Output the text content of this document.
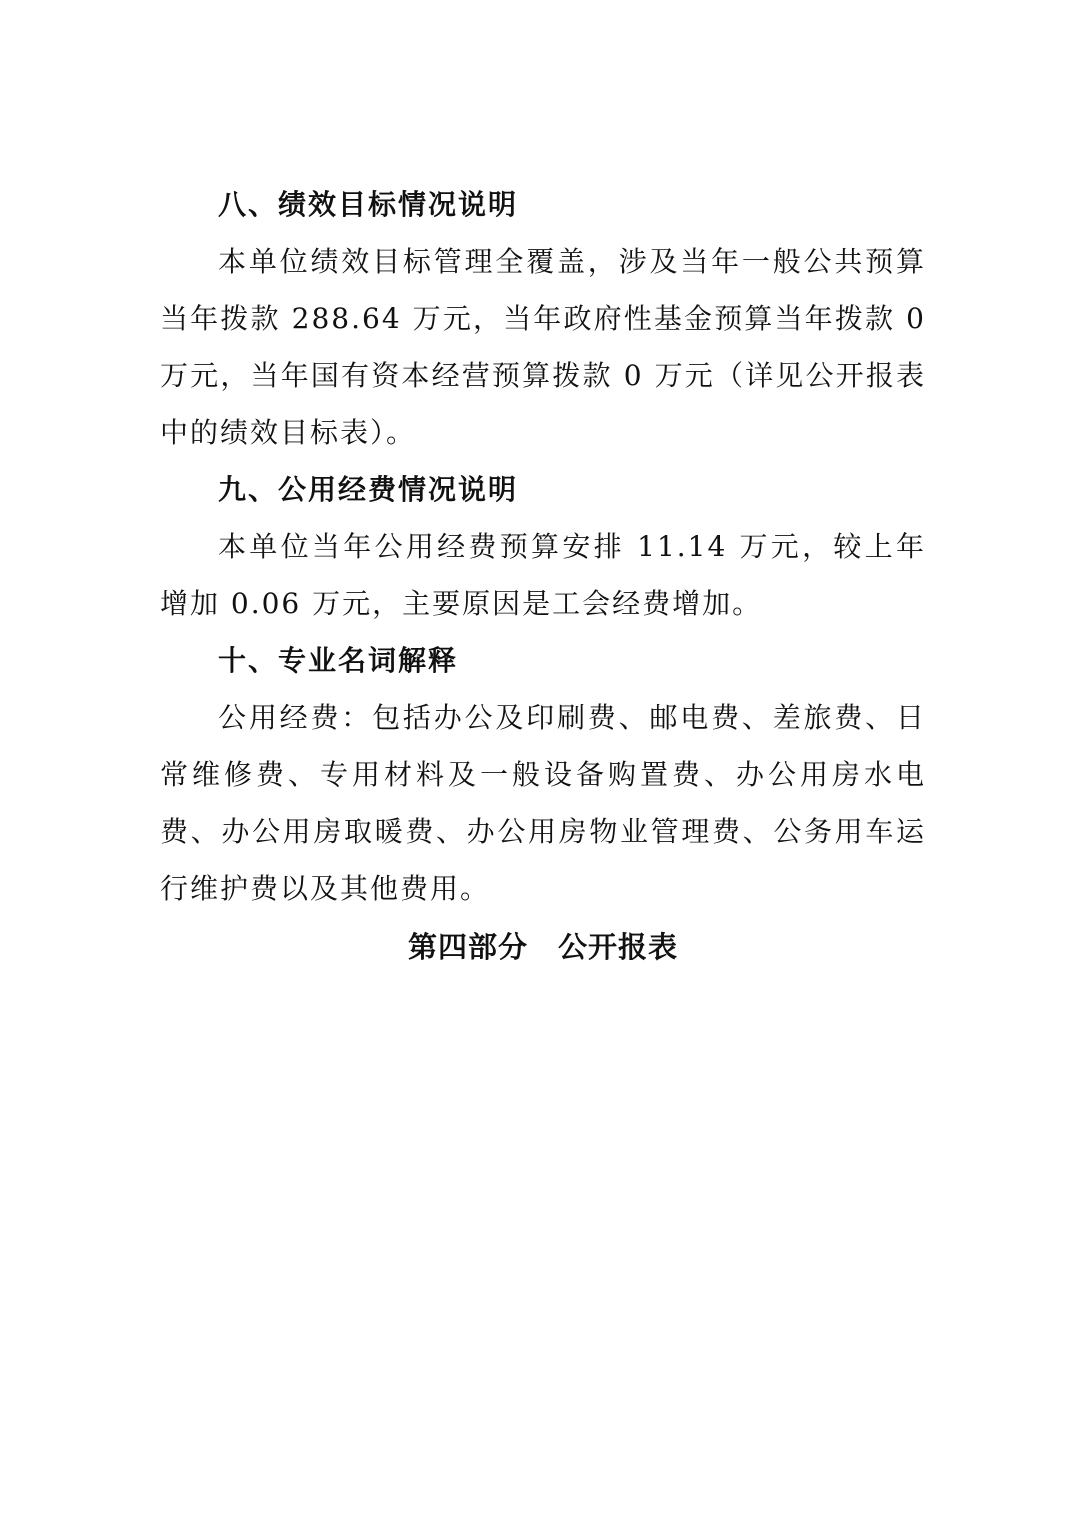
八、绩效目标情况说明

本单位绩效目标管理全覆盖，涉及当年一般公共预算当年拨款 288.64 万元，当年政府性基金预算当年拨款 0 万元，当年国有资本经营预算拨款 0 万元（详见公开报表中的绩效目标表）。

九、公用经费情况说明

本单位当年公用经费预算安排 11.14 万元，较上年增加 0.06 万元，主要原因是工会经费增加。

十、专业名词解释

公用经费：包括办公及印刷费、邮电费、差旅费、日常维修费、专用材料及一般设备购置费、办公用房水电费、办公用房取暖费、办公用房物业管理费、公务用车运行维护费以及其他费用。

第四部分　公开报表
